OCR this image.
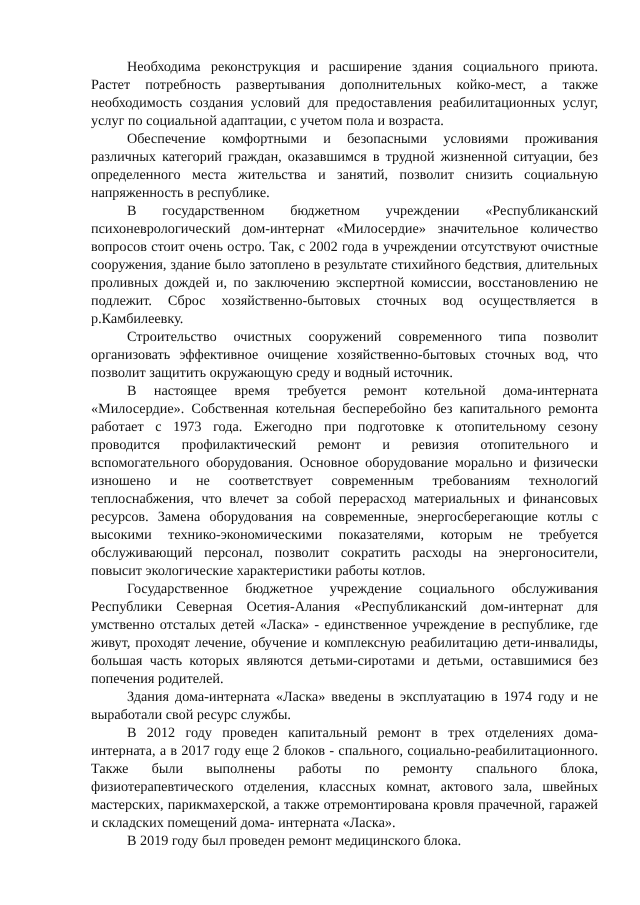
Необходима реконструкция и расширение здания социального приюта. Растет потребность развертывания дополнительных койко-мест, а также необходимость создания условий для предоставления реабилитационных услуг, услуг по социальной адаптации, с учетом пола и возраста.

Обеспечение комфортными и безопасными условиями проживания различных категорий граждан, оказавшимся в трудной жизненной ситуации, без определенного места жительства и занятий, позволит снизить социальную напряженность в республике.

В государственном бюджетном учреждении «Республиканский психоневрологический дом-интернат «Милосердие» значительное количество вопросов стоит очень остро. Так, с 2002 года в учреждении отсутствуют очистные сооружения, здание было затоплено в результате стихийного бедствия, длительных проливных дождей и, по заключению экспертной комиссии, восстановлению не подлежит. Сброс хозяйственно-бытовых сточных вод осуществляется в р.Камбилеевку.

Строительство очистных сооружений современного типа позволит организовать эффективное очищение хозяйственно-бытовых сточных вод, что позволит защитить окружающую среду и водный источник.

В настоящее время требуется ремонт котельной дома-интерната «Милосердие». Собственная котельная бесперебойно без капитального ремонта работает с 1973 года. Ежегодно при подготовке к отопительному сезону проводится профилактический ремонт и ревизия отопительного и вспомогательного оборудования. Основное оборудование морально и физически изношено и не соответствует современным требованиям технологий теплоснабжения, что влечет за собой перерасход материальных и финансовых ресурсов. Замена оборудования на современные, энергосберегающие котлы с высокими технико-экономическими показателями, которым не требуется обслуживающий персонал, позволит сократить расходы на энергоносители, повысит экологические характеристики работы котлов.

Государственное бюджетное учреждение социального обслуживания Республики Северная Осетия-Алания «Республиканский дом-интернат для умственно отсталых детей «Ласка» - единственное учреждение в республике, где живут, проходят лечение, обучение и комплексную реабилитацию дети-инвалиды, большая часть которых являются детьми-сиротами и детьми, оставшимися без попечения родителей.

Здания дома-интерната «Ласка» введены в эксплуатацию в 1974 году и не выработали свой ресурс службы.

В 2012 году проведен капитальный ремонт в трех отделениях дома-интерната, а в 2017 году еще 2 блоков - спального, социально-реабилитационного. Также были выполнены работы по ремонту спального блока, физиотерапевтического отделения, классных комнат, актового зала, швейных мастерских, парикмахерской, а также отремонтирована кровля прачечной, гаражей и складских помещений дома- интерната «Ласка».

В 2019 году был проведен ремонт медицинского блока.
